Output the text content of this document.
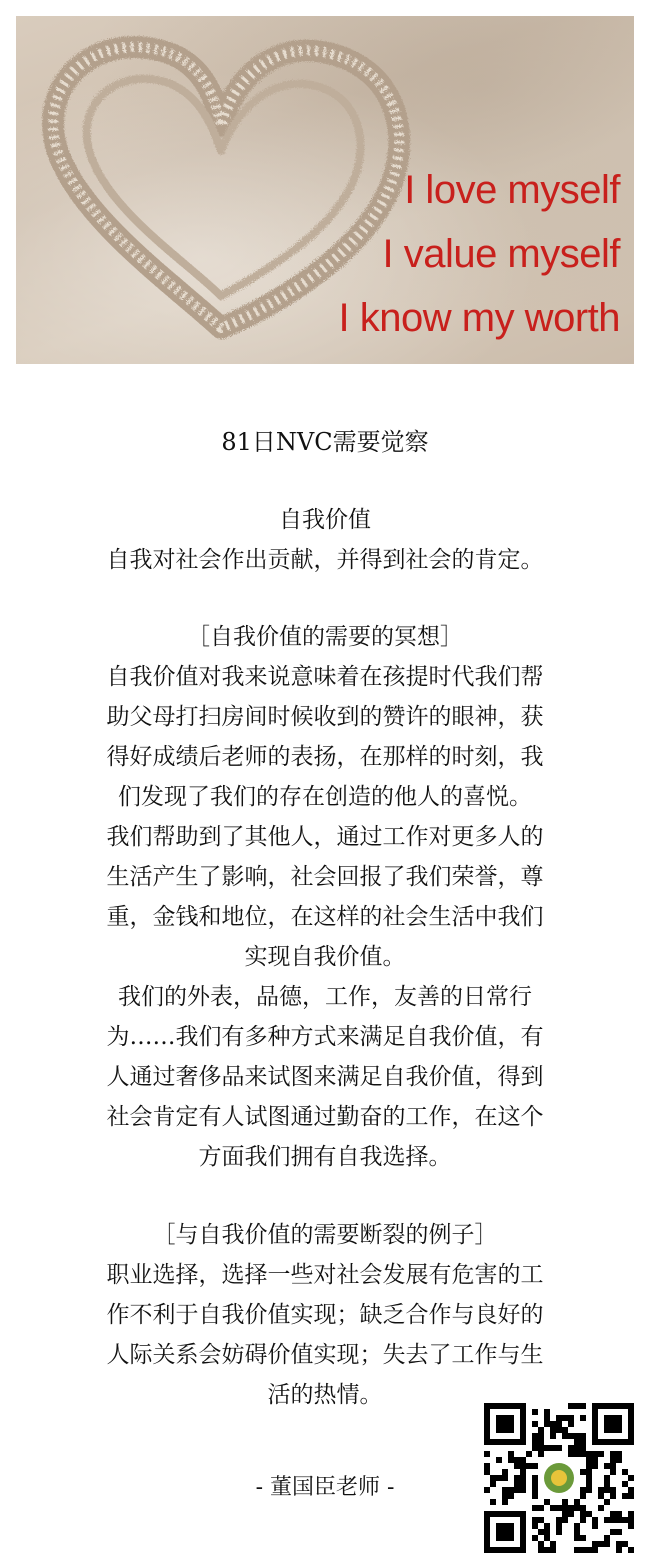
I love myself
I value myself
I know my worth
81日NVC需要觉察

自我价值

自我对社会作出贡献，并得到社会的肯定。

［自我价值的需要的冥想］

自我价值对我来说意味着在孩提时代我们帮

助父母打扫房间时候收到的赞许的眼神，获

得好成绩后老师的表扬，在那样的时刻，我

们发现了我们的存在创造的他人的喜悦。

我们帮助到了其他人，通过工作对更多人的

生活产生了影响，社会回报了我们荣誉，尊

重，金钱和地位，在这样的社会生活中我们

实现自我价值。

我们的外表，品德，工作，友善的日常行

为……我们有多种方式来满足自我价值，有

人通过奢侈品来试图来满足自我价值，得到

社会肯定有人试图通过勤奋的工作，在这个

方面我们拥有自我选择。

［与自我价值的需要断裂的例子］

职业选择，选择一些对社会发展有危害的工

作不利于自我价值实现；缺乏合作与良好的

人际关系会妨碍价值实现；失去了工作与生

活的热情。

- 董国臣老师 -
